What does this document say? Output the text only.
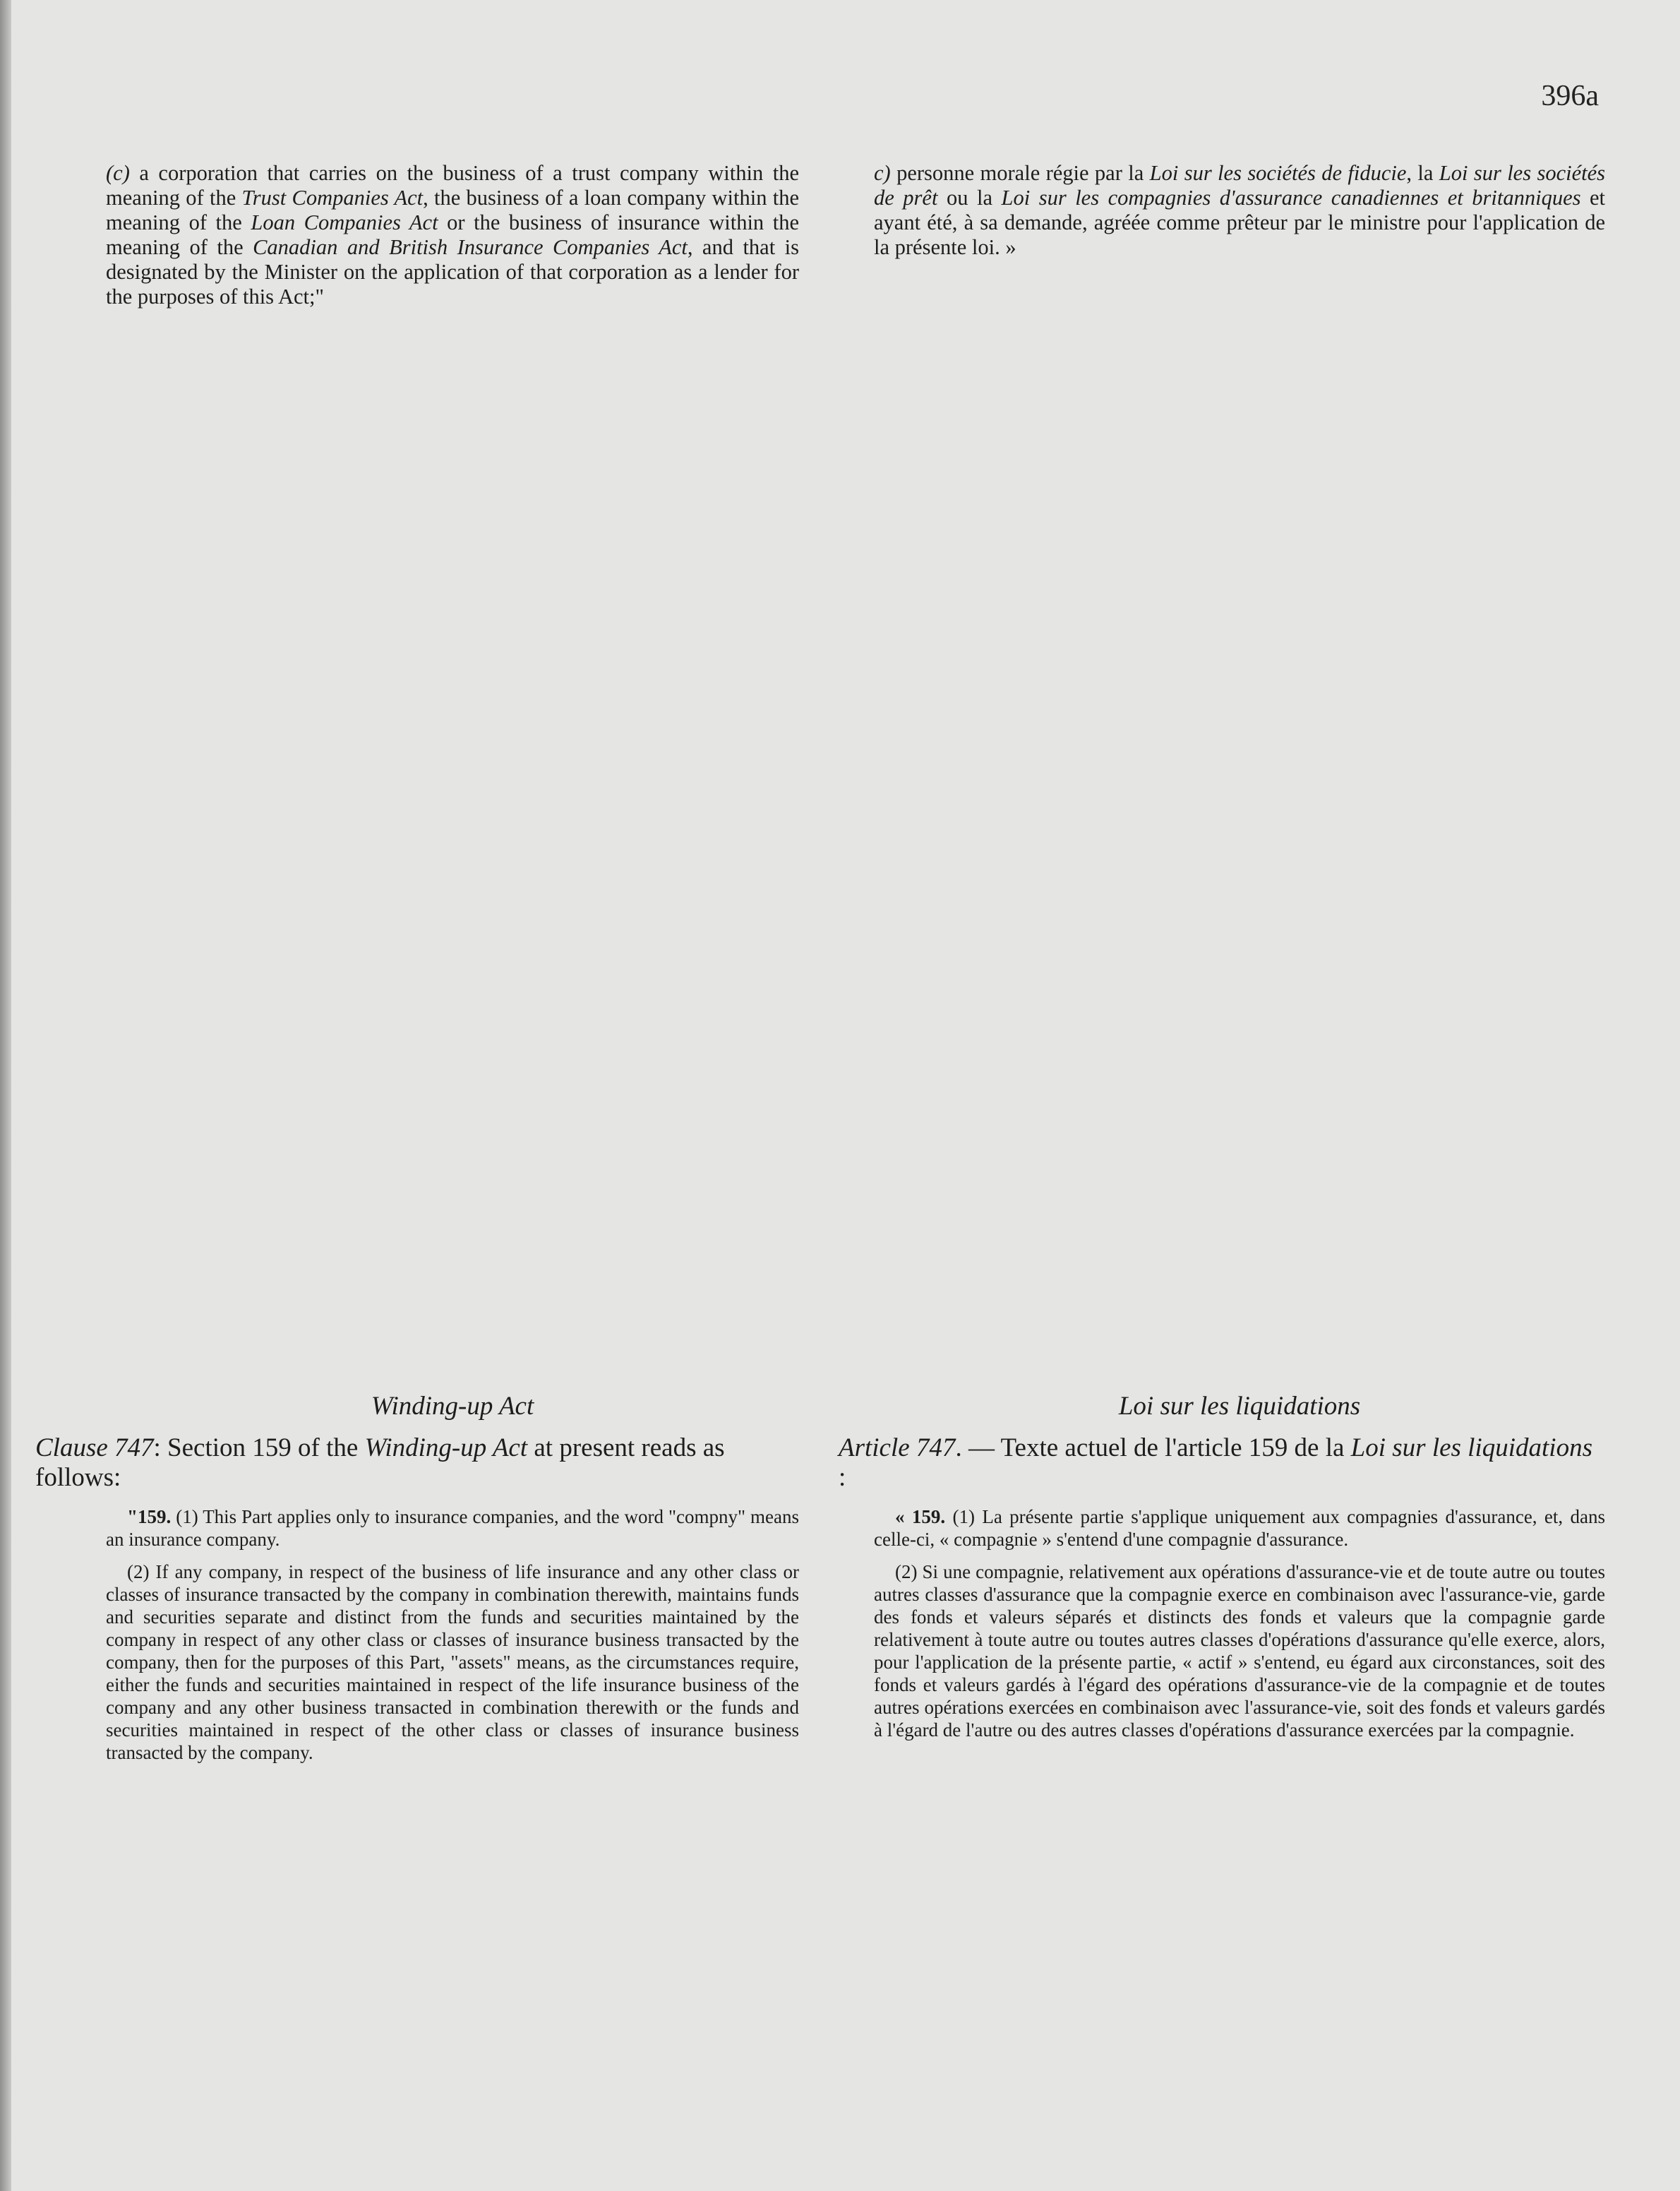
396a

(c) a corporation that carries on the business of a trust company within the meaning of the Trust Companies Act, the business of a loan company within the meaning of the Loan Companies Act or the business of insurance within the meaning of the Canadian and British Insurance Companies Act, and that is designated by the Minister on the application of that corporation as a lender for the purposes of this Act;"

c) personne morale régie par la Loi sur les sociétés de fiducie, la Loi sur les sociétés de prêt ou la Loi sur les compagnies d'assurance canadiennes et britanniques et ayant été, à sa demande, agréée comme prêteur par le ministre pour l'application de la présente loi. »

Winding-up Act	Loi sur les liquidations
Clause 747: Section 159 of the Winding-up Act at present reads as follows:
Article 747. — Texte actuel de l'article 159 de la Loi sur les liquidations :

"159. (1) This Part applies only to insurance companies, and the word "compny" means an insurance company.

(2) If any company, in respect of the business of life insurance and any other class or classes of insurance transacted by the company in combination therewith, maintains funds and securities separate and distinct from the funds and securities maintained by the company in respect of any other class or classes of insurance business transacted by the company, then for the purposes of this Part, "assets" means, as the circumstances require, either the funds and securities maintained in respect of the life insurance business of the company and any other business transacted in combination therewith or the funds and securities maintained in respect of the other class or classes of insurance business transacted by the company.

« 159. (1) La présente partie s'applique uniquement aux compagnies d'assurance, et, dans celle-ci, « compagnie » s'entend d'une compagnie d'assurance.

(2) Si une compagnie, relativement aux opérations d'assurance-vie et de toute autre ou toutes autres classes d'assurance que la compagnie exerce en combinaison avec l'assurance-vie, garde des fonds et valeurs séparés et distincts des fonds et valeurs que la compagnie garde relativement à toute autre ou toutes autres classes d'opérations d'assurance qu'elle exerce, alors, pour l'application de la présente partie, « actif » s'entend, eu égard aux circonstances, soit des fonds et valeurs gardés à l'égard des opérations d'assurance-vie de la compagnie et de toutes autres opérations exercées en combinaison avec l'assurance-vie, soit des fonds et valeurs gardés à l'égard de l'autre ou des autres classes d'opérations d'assurance exercées par la compagnie.
